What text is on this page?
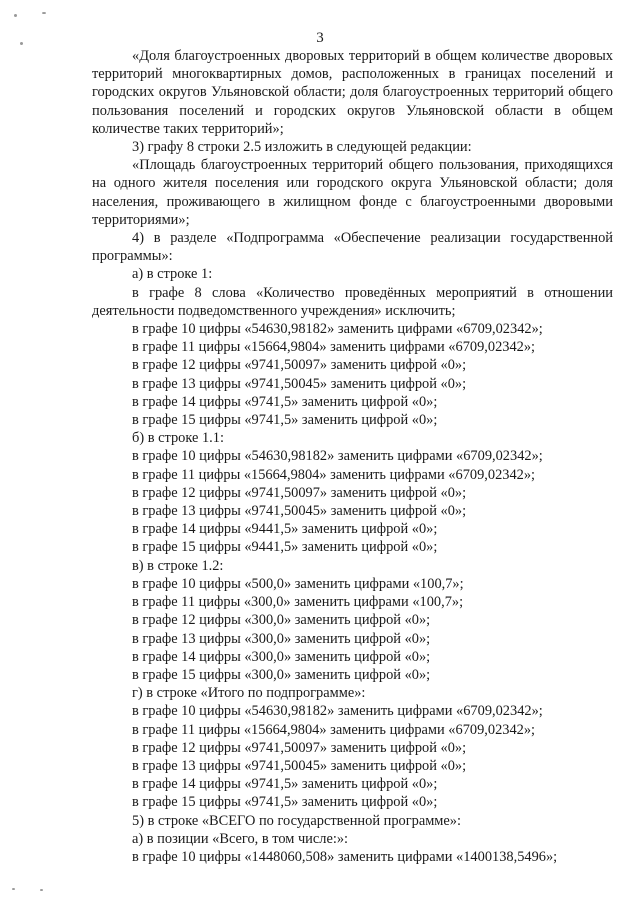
3

«Доля благоустроенных дворовых территорий в общем количестве дворовых территорий многоквартирных домов, расположенных в границах поселений и городских округов Ульяновской области; доля благоустроенных территорий общего пользования поселений и городских округов Ульяновской области в общем количестве таких территорий»;

3) графу 8 строки 2.5 изложить в следующей редакции:

«Площадь благоустроенных территорий общего пользования, приходящихся на одного жителя поселения или городского округа Ульяновской области; доля населения, проживающего в жилищном фонде с благоустроенными дворовыми территориями»;

4) в разделе «Подпрограмма «Обеспечение реализации государственной программы»:

а) в строке 1:

в графе 8 слова «Количество проведённых мероприятий в отношении деятельности подведомственного учреждения» исключить;

в графе 10 цифры «54630,98182» заменить цифрами «6709,02342»;

в графе 11 цифры «15664,9804» заменить цифрами «6709,02342»;

в графе 12 цифры «9741,50097» заменить цифрой «0»;

в графе 13 цифры «9741,50045» заменить цифрой «0»;

в графе 14 цифры «9741,5» заменить цифрой «0»;

в графе 15 цифры «9741,5» заменить цифрой «0»;

б) в строке 1.1:

в графе 10 цифры «54630,98182» заменить цифрами «6709,02342»;

в графе 11 цифры «15664,9804» заменить цифрами «6709,02342»;

в графе 12 цифры «9741,50097» заменить цифрой «0»;

в графе 13 цифры «9741,50045» заменить цифрой «0»;

в графе 14 цифры «9441,5» заменить цифрой «0»;

в графе 15 цифры «9441,5» заменить цифрой «0»;

в) в строке 1.2:

в графе 10 цифры «500,0» заменить цифрами «100,7»;

в графе 11 цифры «300,0» заменить цифрами «100,7»;

в графе 12 цифры «300,0» заменить цифрой «0»;

в графе 13 цифры «300,0» заменить цифрой «0»;

в графе 14 цифры «300,0» заменить цифрой «0»;

в графе 15 цифры «300,0» заменить цифрой «0»;

г) в строке «Итого по подпрограмме»:

в графе 10 цифры «54630,98182» заменить цифрами «6709,02342»;

в графе 11 цифры «15664,9804» заменить цифрами «6709,02342»;

в графе 12 цифры «9741,50097» заменить цифрой «0»;

в графе 13 цифры «9741,50045» заменить цифрой «0»;

в графе 14 цифры «9741,5» заменить цифрой «0»;

в графе 15 цифры «9741,5» заменить цифрой «0»;

5) в строке «ВСЕГО по государственной программе»:

а) в позиции «Всего, в том числе:»:

в графе 10 цифры «1448060,508» заменить цифрами «1400138,5496»;
